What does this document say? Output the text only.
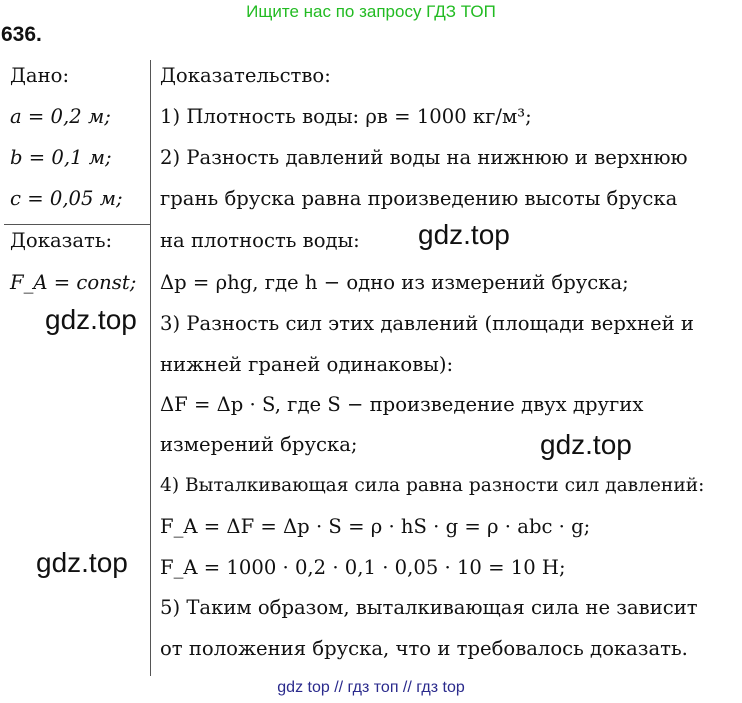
Ищите нас по запросу ГДЗ ТОП
636.
Дано:
a = 0,2 м;
b = 0,1 м;
c = 0,05 м;
Доказать:
F_A = const;
Доказательство:
1) Плотность воды: ρв = 1000 кг/м³;
2) Разность давлений воды на нижнюю и верхнюю
грань бруска равна произведению высоты бруска
на плотность воды:
Δp = ρhg, где h − одно из измерений бруска;
3) Разность сил этих давлений (площади верхней и
нижней граней одинаковы):
ΔF = Δp · S, где S − произведение двух других
измерений бруска;
4) Выталкивающая сила равна разности сил давлений:
F_A = ΔF = Δp · S = ρ · hS · g = ρ · abc · g;
F_A = 1000 · 0,2 · 0,1 · 0,05 · 10 = 10 Н;
5) Таким образом, выталкивающая сила не зависит
от положения бруска, что и требовалось доказать.
gdz.top
gdz.top
gdz.top
gdz.top
gdz top // гдз топ // гдз top
